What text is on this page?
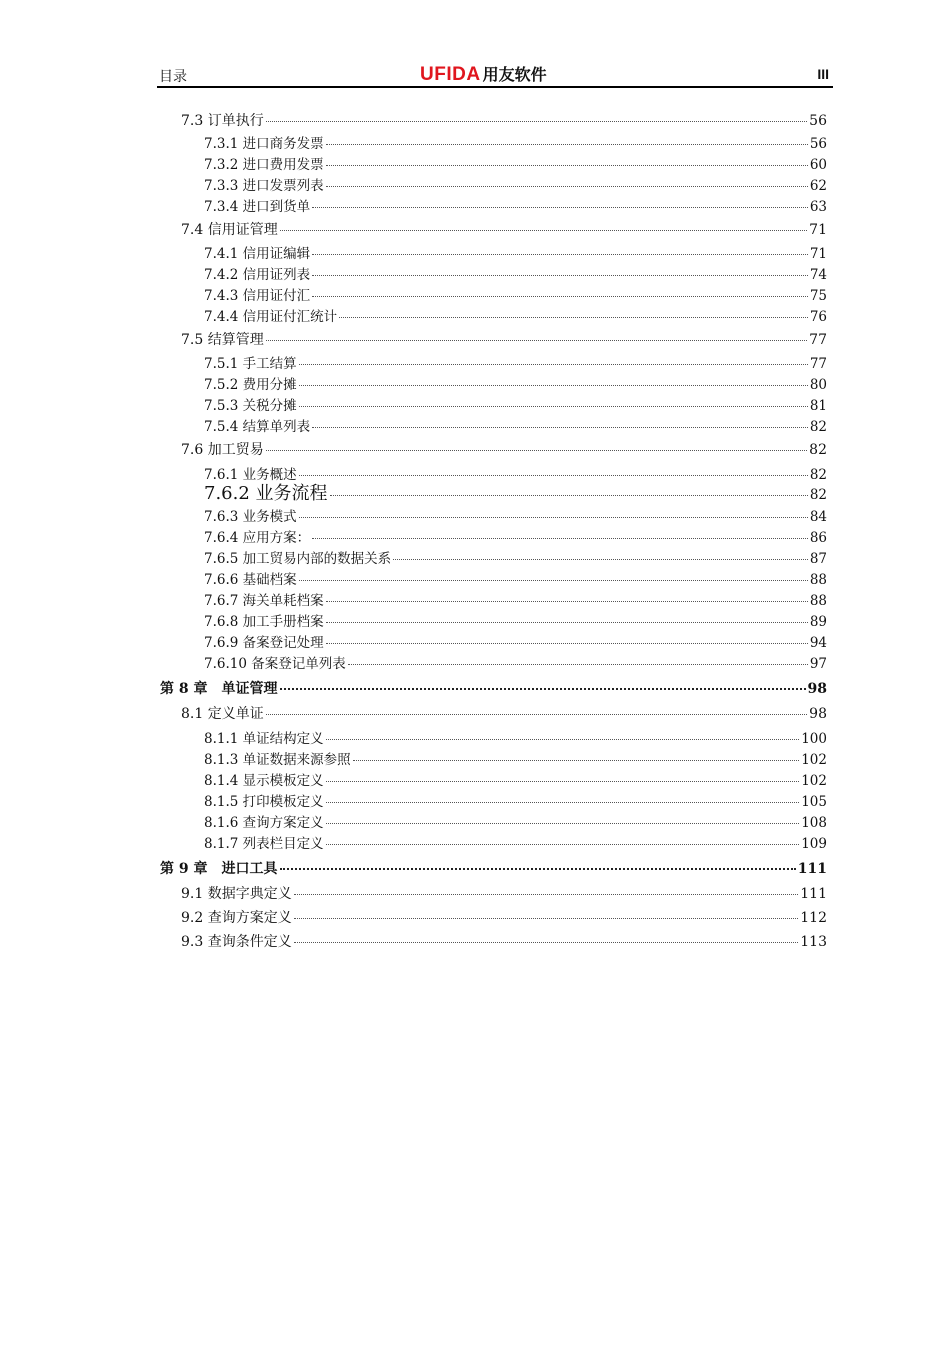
目录	UFIDA 用友软件	III
7.3 订单执行	56
7.3.1 进口商务发票	56
7.3.2 进口费用发票	60
7.3.3 进口发票列表	62
7.3.4 进口到货单	63
7.4 信用证管理	71
7.4.1 信用证编辑	71
7.4.2 信用证列表	74
7.4.3 信用证付汇	75
7.4.4 信用证付汇统计	76
7.5 结算管理	77
7.5.1 手工结算	77
7.5.2 费用分摊	80
7.5.3 关税分摊	81
7.5.4 结算单列表	82
7.6 加工贸易	82
7.6.1 业务概述	82
7.6.2 业务流程	82
7.6.3 业务模式	84
7.6.4 应用方案：	86
7.6.5 加工贸易内部的数据关系	87
7.6.6 基础档案	88
7.6.7 海关单耗档案	88
7.6.8 加工手册档案	89
7.6.9 备案登记处理	94
7.6.10 备案登记单列表	97
第 8 章　单证管理	98
8.1 定义单证	98
8.1.1 单证结构定义	100
8.1.3 单证数据来源参照	102
8.1.4 显示模板定义	102
8.1.5 打印模板定义	105
8.1.6 查询方案定义	108
8.1.7 列表栏目定义	109
第 9 章　进口工具	111
9.1 数据字典定义	111
9.2 查询方案定义	112
9.3 查询条件定义	113
